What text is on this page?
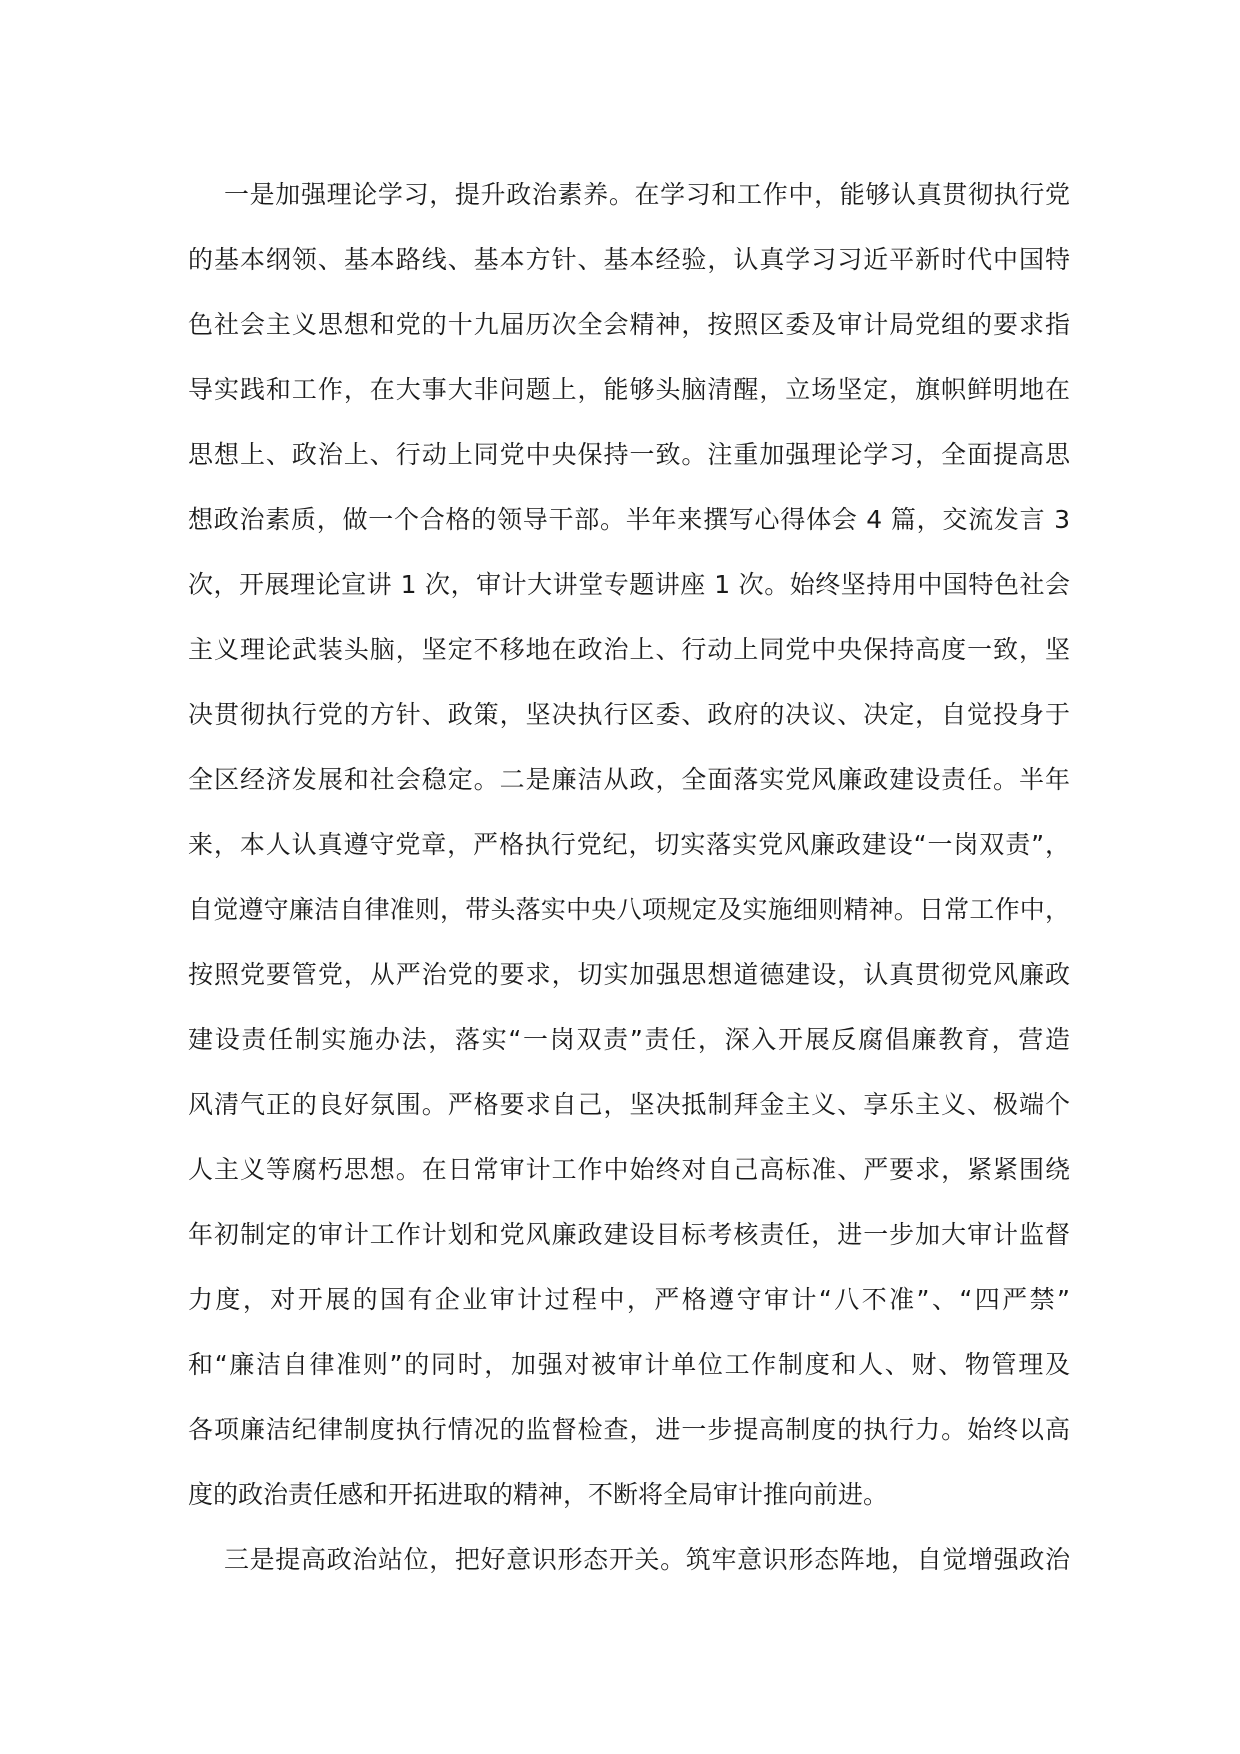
一是加强理论学习，提升政治素养。在学习和工作中，能够认真贯彻执行党
的基本纲领、基本路线、基本方针、基本经验，认真学习习近平新时代中国特
色社会主义思想和党的十九届历次全会精神，按照区委及审计局党组的要求指
导实践和工作，在大事大非问题上，能够头脑清醒，立场坚定，旗帜鲜明地在
思想上、政治上、行动上同党中央保持一致。注重加强理论学习，全面提高思
想政治素质，做一个合格的领导干部。半年来撰写心得体会 4 篇，交流发言 3
次，开展理论宣讲 1 次，审计大讲堂专题讲座 1 次。始终坚持用中国特色社会
主义理论武装头脑，坚定不移地在政治上、行动上同党中央保持高度一致，坚
决贯彻执行党的方针、政策，坚决执行区委、政府的决议、决定，自觉投身于
全区经济发展和社会稳定。二是廉洁从政，全面落实党风廉政建设责任。半年
来，本人认真遵守党章，严格执行党纪，切实落实党风廉政建设“一岗双责”，
自觉遵守廉洁自律准则，带头落实中央八项规定及实施细则精神。日常工作中，
按照党要管党，从严治党的要求，切实加强思想道德建设，认真贯彻党风廉政
建设责任制实施办法，落实“一岗双责”责任，深入开展反腐倡廉教育，营造
风清气正的良好氛围。严格要求自己，坚决抵制拜金主义、享乐主义、极端个
人主义等腐朽思想。在日常审计工作中始终对自己高标准、严要求，紧紧围绕
年初制定的审计工作计划和党风廉政建设目标考核责任，进一步加大审计监督
力度，对开展的国有企业审计过程中，严格遵守审计“八不准”、“四严禁”
和“廉洁自律准则”的同时，加强对被审计单位工作制度和人、财、物管理及
各项廉洁纪律制度执行情况的监督检查，进一步提高制度的执行力。始终以高
度的政治责任感和开拓进取的精神，不断将全局审计推向前进。
三是提高政治站位，把好意识形态开关。筑牢意识形态阵地，自觉增强政治
